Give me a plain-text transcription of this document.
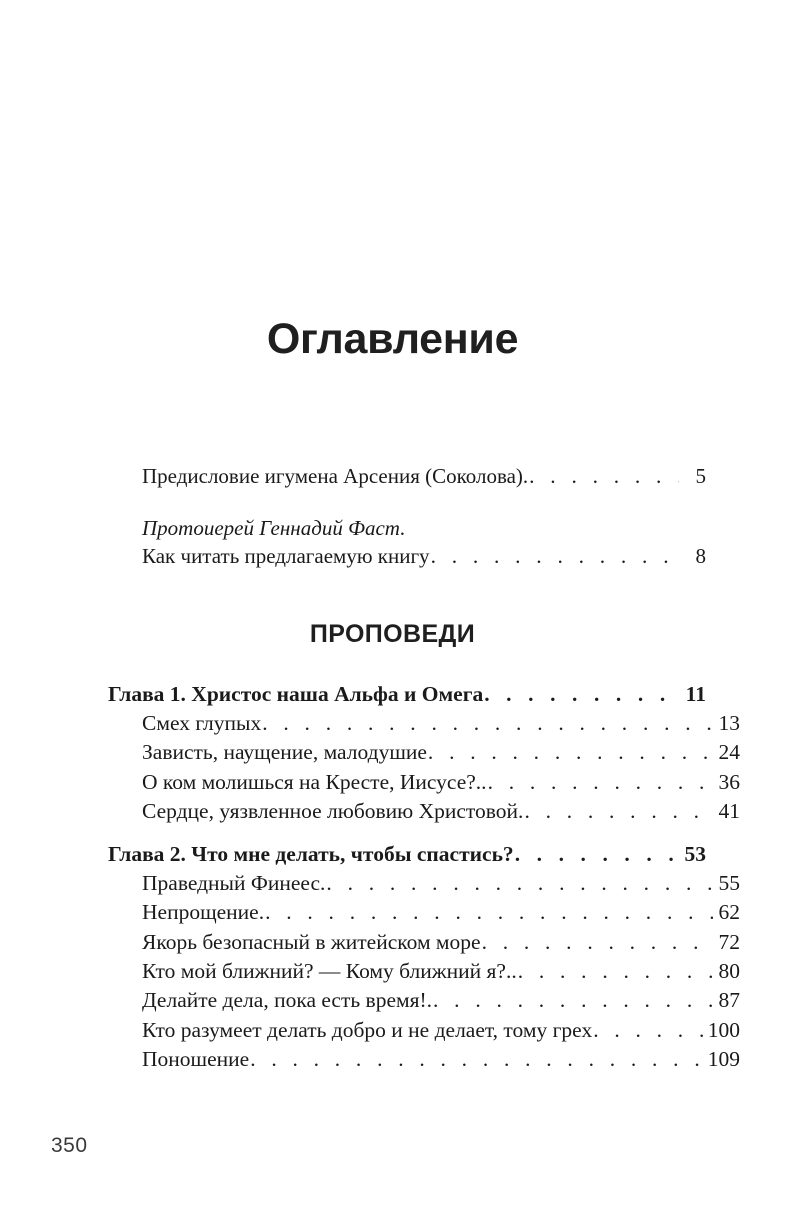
Оглавление
Предисловие игумена Арсения (Соколова). . . .	5
Протоиерей Геннадий Фаст.
Как читать предлагаемую книгу . . .	8
ПРОПОВЕДИ
Глава 1. Христос наша Альфа и Омега . . .	11
Смех глупых . . .	13
Зависть, наущение, малодушие . . .	24
О ком молишься на Кресте, Иисусе?.. . . .	36
Сердце, уязвленное любовию Христовой. . . .	41
Глава 2. Что мне делать, чтобы спастись? . . .	53
Праведный Финеес. . . .	55
Непрощение. . . .	62
Якорь безопасный в житейском море . . .	72
Кто мой ближний? — Кому ближний я?.. . . .	80
Делайте дела, пока есть время!. . . .	87
Кто разумеет делать добро и не делает, тому грех . . .	100
Поношение . . .	109
350
